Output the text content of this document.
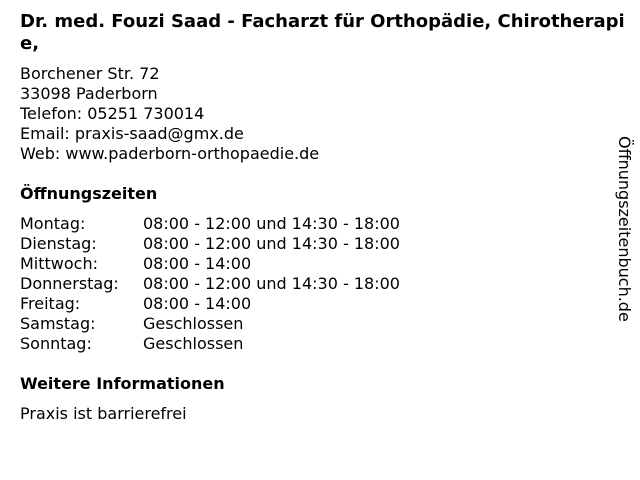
Dr. med. Fouzi Saad - Facharzt für Orthopädie, Chirotherapie,
Borchener Str. 72
33098 Paderborn
Telefon: 05251 730014
Email: praxis-saad@gmx.de
Web: www.paderborn-orthopaedie.de
Öffnungszeiten
Montag:	08:00 - 12:00 und 14:30 - 18:00
Dienstag:	08:00 - 12:00 und 14:30 - 18:00
Mittwoch:	08:00 - 14:00
Donnerstag: 08:00 - 12:00 und 14:30 - 18:00
Freitag:	08:00 - 14:00
Samstag:	Geschlossen
Sonntag:	Geschlossen
Weitere Informationen
Praxis ist barrierefrei
Öffnungszeitenbuch.de
